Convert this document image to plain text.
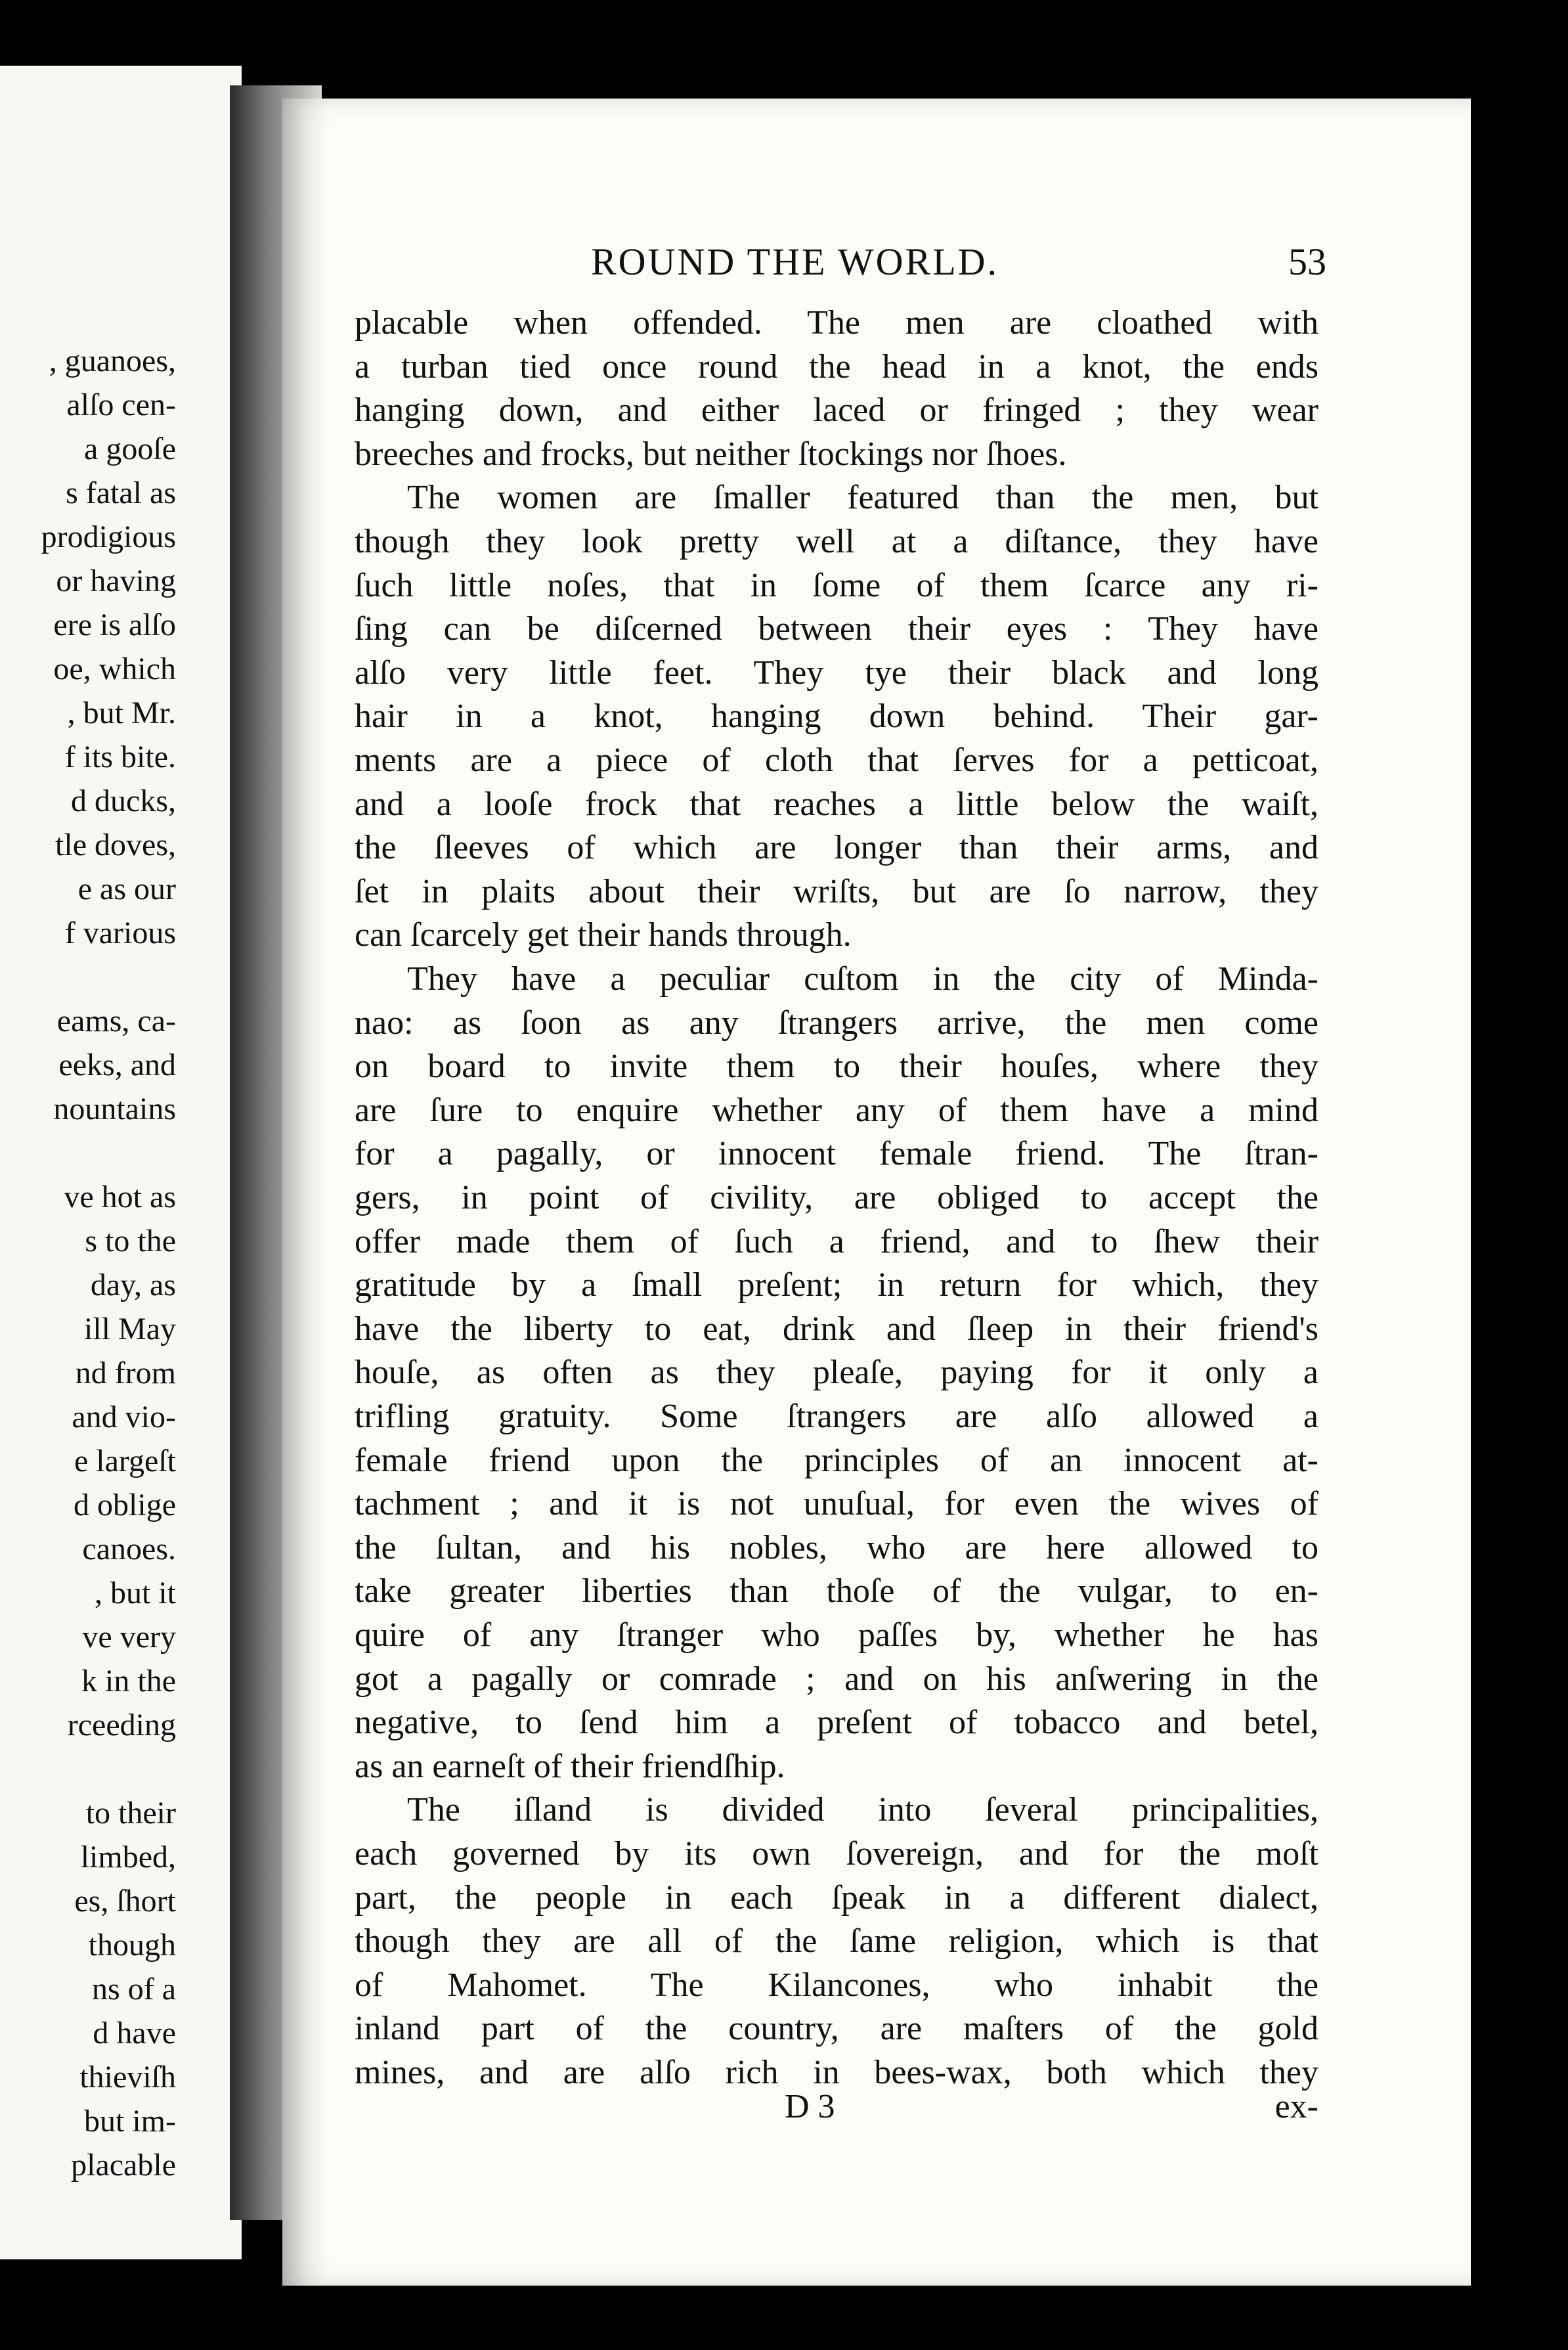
, guanoes,
alſo cen-
a gooſe
s fatal as
prodigious
or having
ere is alſo
oe, which
, but Mr.
f its bite.
d ducks,
tle doves,
e as our
f various
eams, ca-
eeks, and
nountains
ve hot as
s to the
day, as
ill May
nd from
and vio-
e largeſt
d oblige
canoes.
, but it
ve very
k in the
rceeding
to their
limbed,
es, ſhort
though
ns of a
d have
thieviſh
but im-
placable
ROUND THE WORLD.	53
placable when offended. The men are cloathed with
a turban tied once round the head in a knot, the ends
hanging down, and either laced or fringed ; they wear
breeches and frocks, but neither ſtockings nor ſhoes.
The women are ſmaller featured than the men, but
though they look pretty well at a diſtance, they have
ſuch little noſes, that in ſome of them ſcarce any ri-
ſing can be diſcerned between their eyes : They have
alſo very little feet. They tye their black and long
hair in a knot, hanging down behind. Their gar-
ments are a piece of cloth that ſerves for a petticoat,
and a looſe frock that reaches a little below the waiſt,
the ſleeves of which are longer than their arms, and
ſet in plaits about their wriſts, but are ſo narrow, they
can ſcarcely get their hands through.
They have a peculiar cuſtom in the city of Minda-
nao: as ſoon as any ſtrangers arrive, the men come
on board to invite them to their houſes, where they
are ſure to enquire whether any of them have a mind
for a pagally, or innocent female friend. The ſtran-
gers, in point of civility, are obliged to accept the
offer made them of ſuch a friend, and to ſhew their
gratitude by a ſmall preſent; in return for which, they
have the liberty to eat, drink and ſleep in their friend's
houſe, as often as they pleaſe, paying for it only a
trifling gratuity. Some ſtrangers are alſo allowed a
female friend upon the principles of an innocent at-
tachment ; and it is not unuſual, for even the wives of
the ſultan, and his nobles, who are here allowed to
take greater liberties than thoſe of the vulgar, to en-
quire of any ſtranger who paſſes by, whether he has
got a pagally or comrade ; and on his anſwering in the
negative, to ſend him a preſent of tobacco and betel,
as an earneſt of their friendſhip.
The iſland is divided into ſeveral principalities,
each governed by its own ſovereign, and for the moſt
part, the people in each ſpeak in a different dialect,
though they are all of the ſame religion, which is that
of Mahomet. The Kilancones, who inhabit the
inland part of the country, are maſters of the gold
mines, and are alſo rich in bees-wax, both which they
D 3	ex-
